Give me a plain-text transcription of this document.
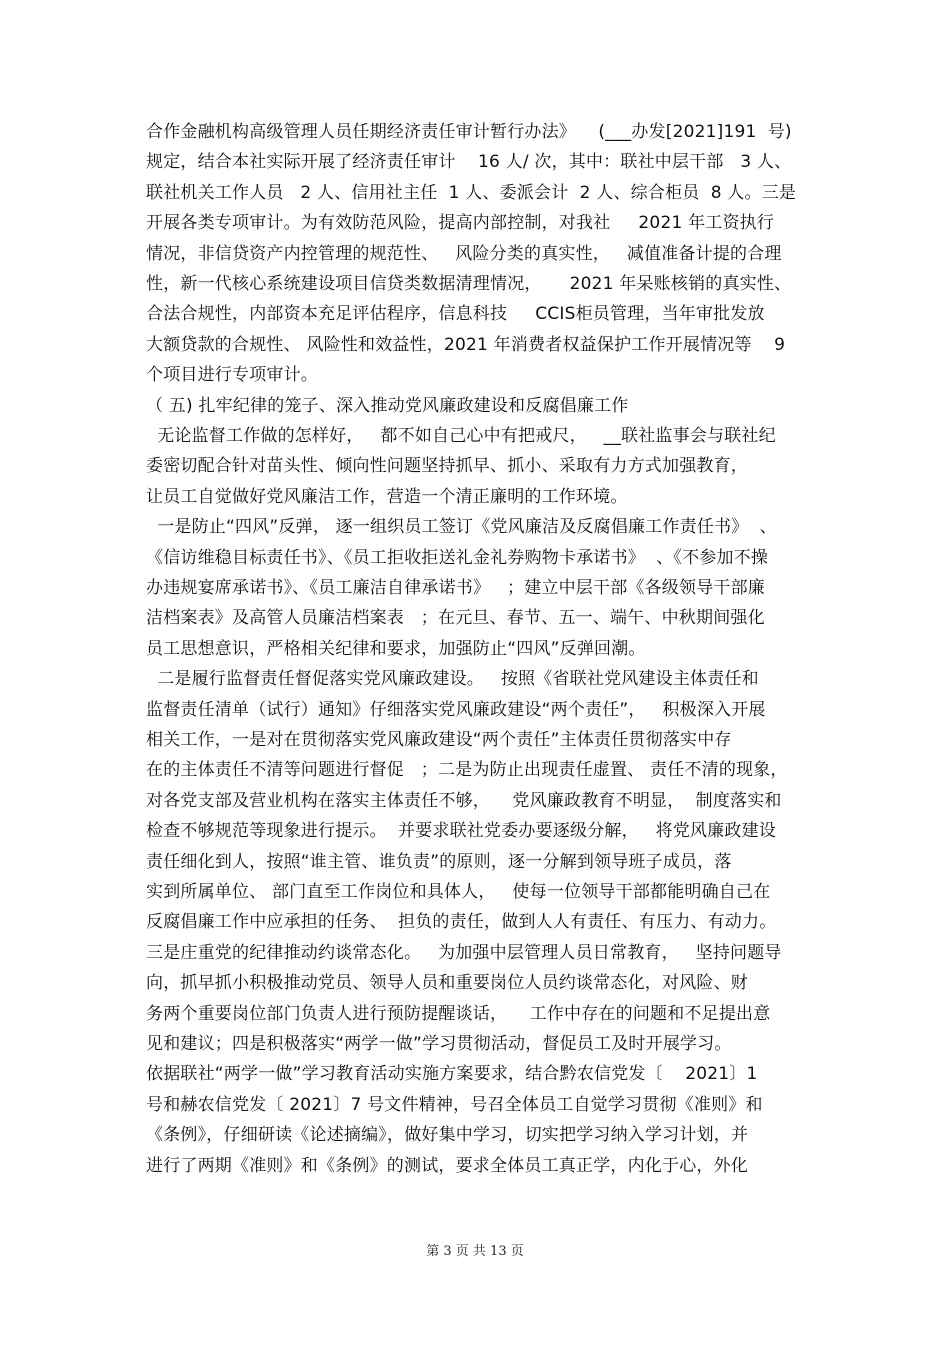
合作金融机构高级管理人员任期经济责任审计暂行办法》    (___办发[2021]191  号)
规定，结合本社实际开展了经济责任审计    16 人/ 次，其中：联社中层干部   3 人、
联社机关工作人员   2 人、信用社主任  1 人、委派会计  2 人、综合柜员  8 人。三是
开展各类专项审计。为有效防范风险，提高内部控制，对我社     2021 年工资执行
情况，非信贷资产内控管理的规范性、   风险分类的真实性，   减值准备计提的合理
性，新一代核心系统建设项目信贷类数据清理情况，     2021 年呆账核销的真实性、
合法合规性，内部资本充足评估程序，信息科技     CCIS柜员管理，当年审批发放
大额贷款的合规性、 风险性和效益性，2021 年消费者权益保护工作开展情况等    9
个项目进行专项审计。
（ 五) 扎牢纪律的笼子、深入推动党风廉政建设和反腐倡廉工作
无论监督工作做的怎样好，   都不如自己心中有把戒尺，   __联社监事会与联社纪
委密切配合针对苗头性、倾向性问题坚持抓早、抓小、采取有力方式加强教育，
让员工自觉做好党风廉洁工作，营造一个清正廉明的工作环境。
一是防止“四风”反弹， 逐一组织员工签订《党风廉洁及反腐倡廉工作责任书》  、
《信访维稳目标责任书》、《员工拒收拒送礼金礼券购物卡承诺书》  、《不参加不操
办违规宴席承诺书》、《员工廉洁自律承诺书》   ；建立中层干部《各级领导干部廉
洁档案表》及高管人员廉洁档案表   ；在元旦、春节、五一、端午、中秋期间强化
员工思想意识，严格相关纪律和要求，加强防止“四风”反弹回潮。
二是履行监督责任督促落实党风廉政建设。   按照《省联社党风建设主体责任和
监督责任清单（试行）通知》仔细落实党风廉政建设“两个责任”，   积极深入开展
相关工作，一是对在贯彻落实党风廉政建设“两个责任”主体责任贯彻落实中存
在的主体责任不清等问题进行督促   ；二是为防止出现责任虚置、 责任不清的现象，
对各党支部及营业机构在落实主体责任不够，    党风廉政教育不明显，  制度落实和
检查不够规范等现象进行提示。  并要求联社党委办要逐级分解，   将党风廉政建设
责任细化到人，按照“谁主管、谁负责”的原则，逐一分解到领导班子成员，落
实到所属单位、 部门直至工作岗位和具体人，   使每一位领导干部都能明确自己在
反腐倡廉工作中应承担的任务、  担负的责任，做到人人有责任、有压力、有动力。
三是庄重党的纪律推动约谈常态化。   为加强中层管理人员日常教育，   坚持问题导
向，抓早抓小积极推动党员、领导人员和重要岗位人员约谈常态化，对风险、财
务两个重要岗位部门负责人进行预防提醒谈话，    工作中存在的问题和不足提出意
见和建议；四是积极落实“两学一做”学习贯彻活动，督促员工及时开展学习。
依据联社“两学一做”学习教育活动实施方案要求，结合黔农信党发〔    2021〕1
号和赫农信党发〔 2021〕7 号文件精神，号召全体员工自觉学习贯彻《准则》和
《条例》，仔细研读《论述摘编》，做好集中学习，切实把学习纳入学习计划，并
进行了两期《准则》和《条例》的测试，要求全体员工真正学，内化于心，外化
第 3 页 共 13 页
